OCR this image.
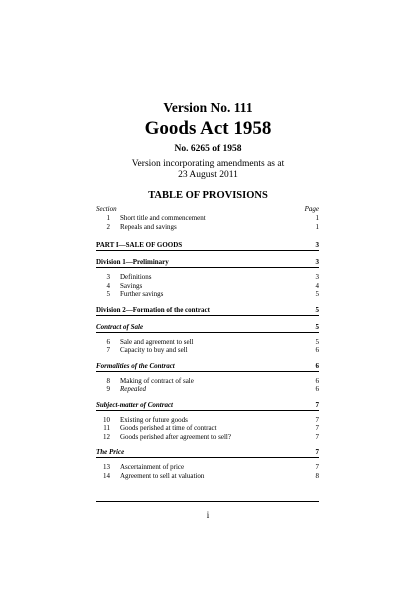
Version No. 111
Goods Act 1958
No. 6265 of 1958
Version incorporating amendments as at
23 August 2011
TABLE OF PROVISIONS
Section	Page
1 Short title and commencement	1
2 Repeals and savings	1
PART I—SALE OF GOODS	3
Division 1—Preliminary	3
3 Definitions	3
4 Savings	4
5 Further savings	5
Division 2—Formation of the contract	5
Contract of Sale	5
6 Sale and agreement to sell	5
7 Capacity to buy and sell	6
Formalities of the Contract	6
8 Making of contract of sale	6
9 Repealed	6
Subject-matter of Contract	7
10 Existing or future goods	7
11 Goods perished at time of contract	7
12 Goods perished after agreement to sell?	7
The Price	7
13 Ascertainment of price	7
14 Agreement to sell at valuation	8
i
